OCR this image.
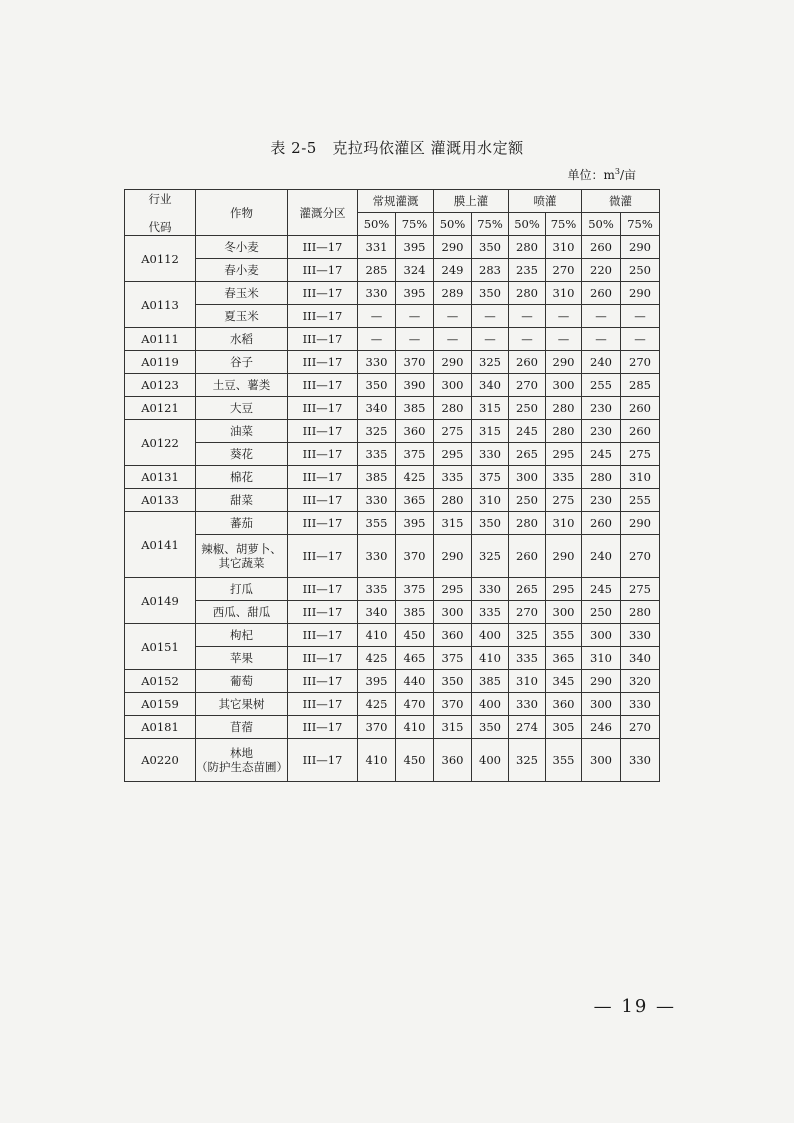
表 2-5　克拉玛依灌区 灌溉用水定额
单位：$m^3/$亩
行业

代码	作物	灌溉分区	常规灌溉		膜上灌		喷灌		微灌	
			50%	75%	50%	75%	50%	75%	50%	75%
A0112	冬小麦	III—17	331	395	290	350	280	310	260	290
	春小麦	III—17	285	324	249	283	235	270	220	250
A0113	春玉米	III—17	330	395	289	350	280	310	260	290
	夏玉米	III—17	—	—	—	—	—	—	—	—
A0111	水稻	III—17	—	—	—	—	—	—	—	—
A0119	谷子	III—17	330	370	290	325	260	290	240	270
A0123	土豆、薯类	III—17	350	390	300	340	270	300	255	285
A0121	大豆	III—17	340	385	280	315	250	280	230	260
A0122	油菜	III—17	325	360	275	315	245	280	230	260
	葵花	III—17	335	375	295	330	265	295	245	275
A0131	棉花	III—17	385	425	335	375	300	335	280	310
A0133	甜菜	III—17	330	365	280	310	250	275	230	255
A0141	蕃茄	III—17	355	395	315	350	280	310	260	290
	辣椒、胡萝卜、
其它蔬菜	III—17	330	370	290	325	260	290	240	270
A0149	打瓜	III—17	335	375	295	330	265	295	245	275
	西瓜、甜瓜	III—17	340	385	300	335	270	300	250	280
A0151	枸杞	III—17	410	450	360	400	325	355	300	330
	苹果	III—17	425	465	375	410	335	365	310	340
A0152	葡萄	III—17	395	440	350	385	310	345	290	320
A0159	其它果树	III—17	425	470	370	400	330	360	300	330
A0181	苜蓿	III—17	370	410	315	350	274	305	246	270
A0220	林地
（防护生态苗圃）	III—17	410	450	360	400	325	355	300	330
— 19 —
